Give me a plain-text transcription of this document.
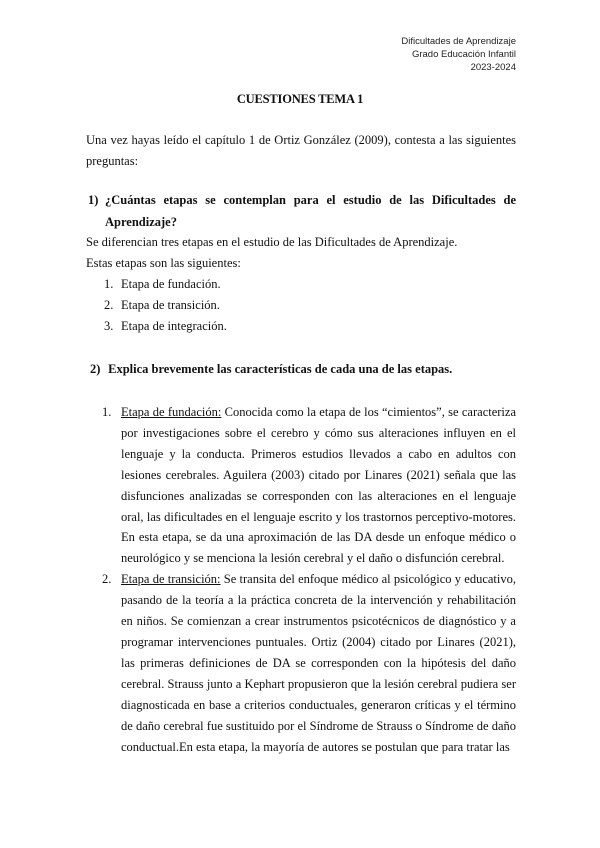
Dificultades de Aprendizaje
Grado Educación Infantil
2023-2024
CUESTIONES TEMA 1
Una vez hayas leído el capítulo 1 de Ortiz González (2009), contesta a las siguientes preguntas:
1) ¿Cuántas etapas se contemplan para el estudio de las Dificultades de Aprendizaje?

Se diferencian tres etapas en el estudio de las Dificultades de Aprendizaje.

Estas etapas son las siguientes:

1. Etapa de fundación.
2. Etapa de transición.
3. Etapa de integración.
2) Explica brevemente las características de cada una de las etapas.
1. Etapa de fundación: Conocida como la etapa de los “cimientos”, se caracteriza por investigaciones sobre el cerebro y cómo sus alteraciones influyen en el lenguaje y la conducta. Primeros estudios llevados a cabo en adultos con lesiones cerebrales. Aguilera (2003) citado por Linares (2021) señala que las disfunciones analizadas se corresponden con las alteraciones en el lenguaje oral, las dificultades en el lenguaje escrito y los trastornos perceptivo-motores. En esta etapa, se da una aproximación de las DA desde un enfoque médico o neurológico y se menciona la lesión cerebral y el daño o disfunción cerebral.
2. Etapa de transición: Se transita del enfoque médico al psicológico y educativo, pasando de la teoría a la práctica concreta de la intervención y rehabilitación en niños. Se comienzan a crear instrumentos psicotécnicos de diagnóstico y a programar intervenciones puntuales. Ortiz (2004) citado por Linares (2021), las primeras definiciones de DA se corresponden con la hipótesis del daño cerebral. Strauss junto a Kephart propusieron que la lesión cerebral pudiera ser diagnosticada en base a criterios conductuales, generaron críticas y el término de daño cerebral fue sustituido por el Síndrome de Strauss o Síndrome de daño conductual.En esta etapa, la mayoría de autores se postulan que para tratar las
